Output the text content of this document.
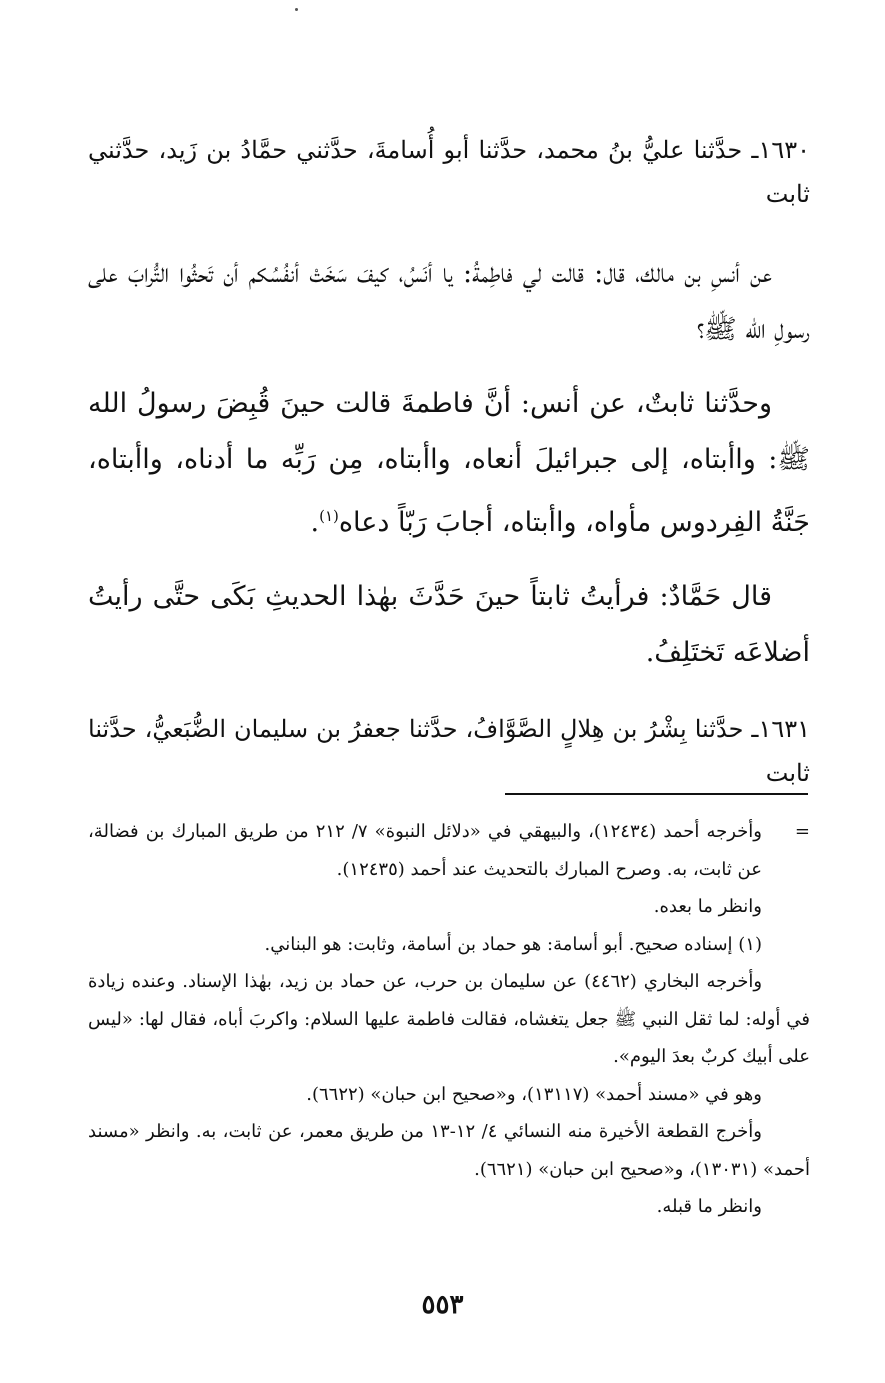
١٦٣٠ـ حدَّثنا عليُّ بنُ محمد، حدَّثنا أبو أُسامةَ، حدَّثني حمَّادُ بن زَيد، حدَّثني ثابت

عن أنسِ بن مالك، قال: قالت لي فاطِمةُ: يا أنَسُ، كيفَ سَخَتْ أنفُسُكم أن تَحثُوا التُّرابَ على رسولِ الله ﷺ؟

وحدَّثنا ثابتٌ، عن أنس: أنَّ فاطمةَ قالت حينَ قُبِضَ رسولُ الله ﷺ: واأبتاه، إلى جبرائيلَ أنعاه، واأبتاه، مِن رَبِّه ما أدناه، واأبتاه، جَنَّةُ الفِردوس مأواه، واأبتاه، أجابَ رَبّاً دعاه$^{(١)}$.

قال حَمَّادٌ: فرأيتُ ثابتاً حينَ حَدَّثَ بهٰذا الحديثِ بَكَى حتَّى رأيتُ أضلاعَه تَختَلِفُ.

١٦٣١ـ حدَّثنا بِشْرُ بن هِلالٍ الصَّوَّافُ، حدَّثنا جعفرُ بن سليمان الضُّبَعيُّ، حدَّثنا ثابت

=
وأخرجه أحمد (١٢٤٣٤)، والبيهقي في «دلائل النبوة» ٧/ ٢١٢ من طريق المبارك بن فضالة، عن ثابت، به. وصرح المبارك بالتحديث عند أحمد (١٢٤٣٥).

وانظر ما بعده.

(١) إسناده صحيح. أبو أسامة: هو حماد بن أسامة، وثابت: هو البناني.

وأخرجه البخاري (٤٤٦٢) عن سليمان بن حرب، عن حماد بن زيد، بهٰذا الإسناد. وعنده زيادة في أوله: لما ثقل النبي ﷺ جعل يتغشاه، فقالت فاطمة عليها السلام: واكربَ أباه، فقال لها: «ليس على أبيك كربٌ بعدَ اليوم».

وهو في «مسند أحمد» (١٣١١٧)، و«صحيح ابن حبان» (٦٦٢٢).

وأخرج القطعة الأخيرة منه النسائي ٤/ ١٢-١٣ من طريق معمر، عن ثابت، به. وانظر «مسند أحمد» (١٣٠٣١)، و«صحيح ابن حبان» (٦٦٢١).

وانظر ما قبله.

٥٥٣
